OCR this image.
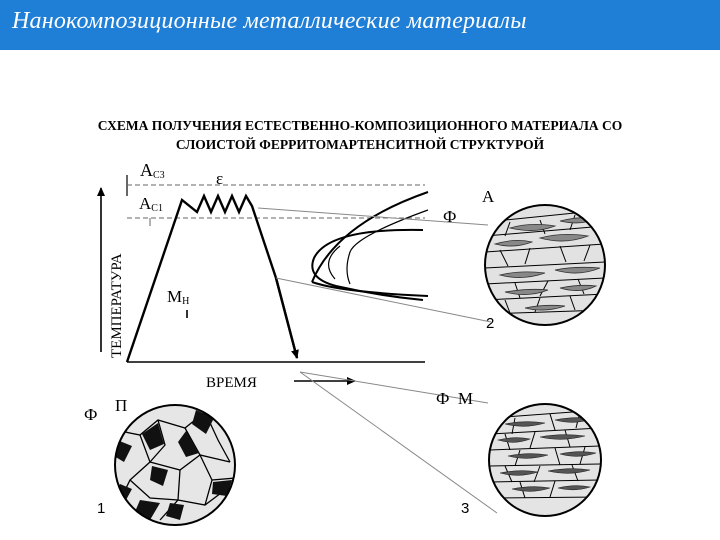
Нанокомпозиционные металлические материалы
СХЕМА ПОЛУЧЕНИЯ ЕСТЕСТВЕННО-КОМПОЗИЦИОННОГО МАТЕРИАЛА СО
СЛОИСТОЙ ФЕРРИТОМАРТЕНСИТНОЙ СТРУКТУРОЙ
ТЕМПЕРАТУРА
ВРЕМЯ
АС3
АС1
МН
ε
А
Ф
Ф П	Ф  М
1
2
3
